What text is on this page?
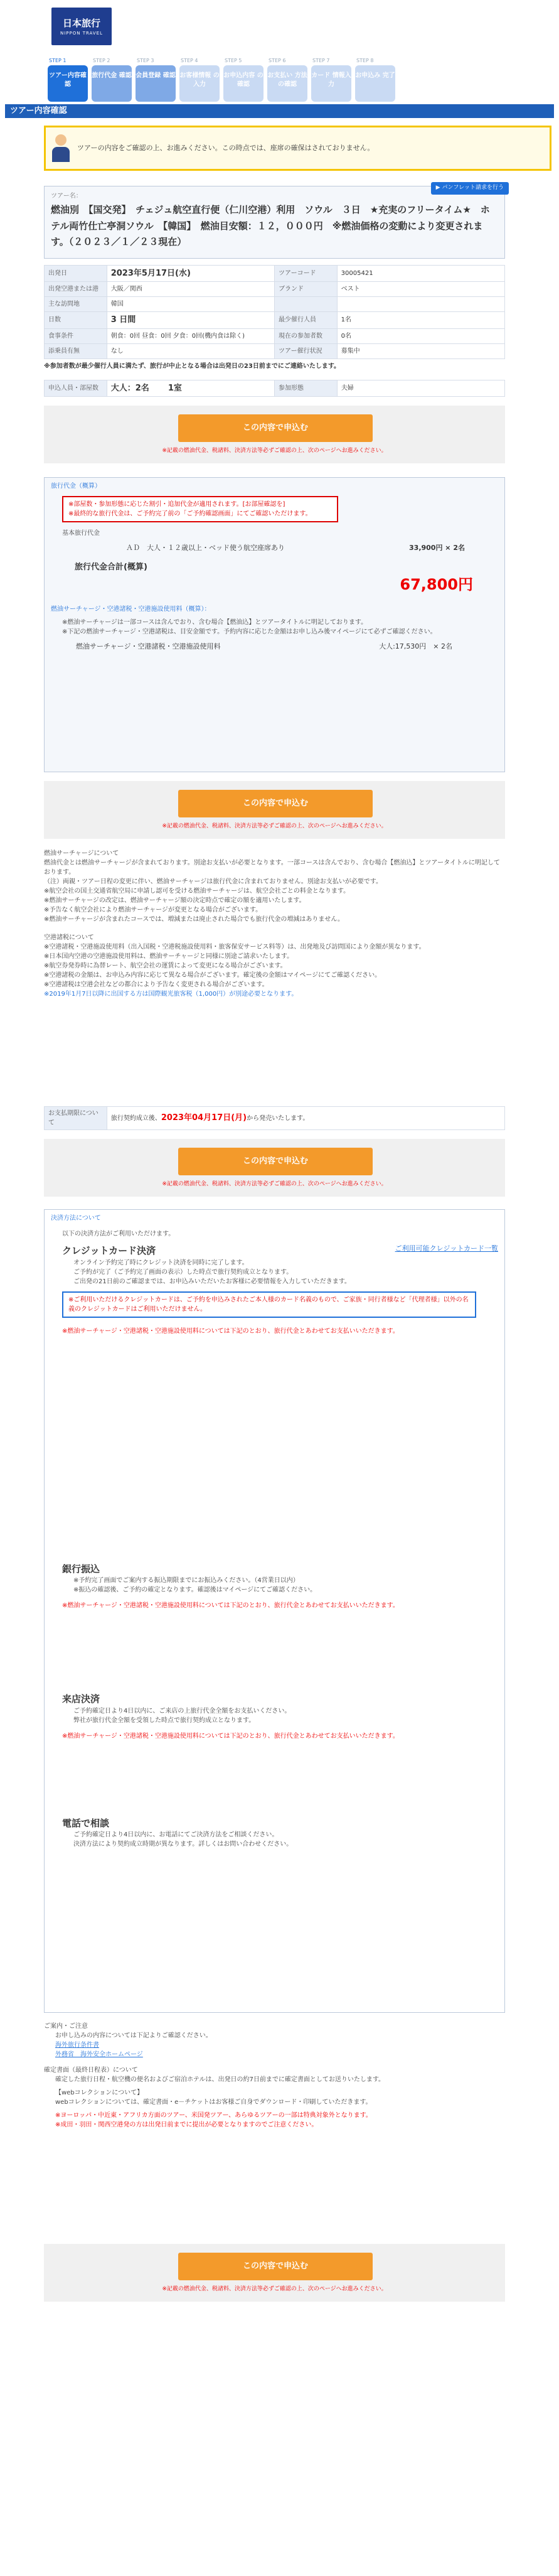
日本旅行
NIPPON TRAVEL
STEP 1
ツアー内容確認
STEP 2
旅行代金 確認
STEP 3
会員登録 確認
STEP 4
お客様情報 の入力
STEP 5
お申込内容 の確認
STEP 6
お支払い 方法の確認
STEP 7
カード 情報入力
STEP 8
お申込み 完了
ツアー内容確認
ツアーの内容をご確認の上、お進みください。この時点では、座席の確保はされておりません。
▶ パンフレット請求を行う
ツアー名：
燃油別　【国交発】　チェジュ航空直行便（仁川空港）利用　ソウル　３日　★充実のフリータイム★　ホテル両竹仕亡亭洞ソウル　【韓国】　燃油目安額：１２，０００円　※燃油価格の変動により変更されます。（２０２３／１／２３現在）
出発日	2023年5月17日(水)	ツアーコード	30005421
出発空港または港	大阪／関西	ブランド	ベスト
主な訪問地	韓国		
日数	3 日間	最少催行人員	1名
食事条件	朝食：0回 昼食：0回 夕食：0回(機内食は除く)	現在の参加者数	0名
添乗員有無	なし	ツアー催行状況	募集中
※参加者数が最少催行人員に満たず、旅行が中止となる場合は出発日の23日前までにご連絡いたします。
申込人員・部屋数	大人：2名　　　 1室	参加形態	夫婦
この内容で申込む
※記載の燃油代金、税諸料、決済方法等必ずご確認の上、次のページへお進みください。
旅行代金（概算）
※部屋数・参加形態に応じた割引・追加代金が適用されます。[お部屋確認を]
※最終的な旅行代金は、ご予約完了前の「ご予約確認画面」にてご確認いただけます。
基本旅行代金
ＡＤ　大人・１２歳以上・ベッド使う航空座席あり	33,900円 × 2名
旅行代金合計(概算)
67,800円
燃油サーチャージ・空港諸税・空港施設使用料（概算）：
※燃油サーチャージは一部コースは含んでおり、含む場合【燃油込】とツアータイトルに明記しております。
※下記の燃油サーチャージ・空港諸税は、目安金額です。予約内容に応じた金額はお申し込み後マイページにて必ずご確認ください。
燃油サーチャージ・空港諸税・空港施設使用料	大人:17,530円　× 2名
この内容で申込む
※記載の燃油代金、税諸料、決済方法等必ずご確認の上、次のページへお進みください。
燃油サーチャージについて
燃油代金とは燃油サーチャージが含まれております。別途お支払いが必要となります。一部コースは含んでおり、含む場合【燃油込】とツアータイトルに明記しております。
（注）両親・ツアー日程の変更に伴い、燃油サーチャージは旅行代金に含まれておりません。別途お支払いが必要です。
※航空会社の国土交通省航空局に申請し認可を受ける燃油サーチャージは、航空会社ごとの料金となります。
※燃油サーチャージの改定は、燃油サーチャージ額の決定時点で確定の額を適用いたします。
※予告なく航空会社により燃油サーチャージが変更となる場合がございます。
※燃油サーチャージが含まれたコースでは、増減または廃止された場合でも旅行代金の増減はありません。
空港諸税について
※空港諸税・空港施設使用料（出入国税・空港税施設使用料・旅客保安サービス料等）は、出発地及び訪問国により金額が異なります。
※日本国内空港の空港施設使用料は、燃油サーチャージと同様に別途ご請求いたします。
※航空券発券時に為替レート、航空会社の運賃によって変更になる場合がございます。
※空港諸税の金額は、お申込み内容に応じて異なる場合がございます。確定後の金額はマイページにてご確認ください。
※空港諸税は空港会社などの都合により予告なく変更される場合がございます。
※2019年1月7日以降に出国する方は国際観光旅客税（1,000円）が別途必要となります。
お支払期限について	旅行契約成立後、2023年04月17日(月)から発売いたします。
この内容で申込む
※記載の燃油代金、税諸料、決済方法等必ずご確認の上、次のページへお進みください。
決済方法について
以下の決済方法がご利用いただけます。
クレジットカード決済	ご利用可能クレジットカード一覧
オンライン予約完了時にクレジット決済を同時に完了します。
ご予約が完了（ご予約完了画面の表示）した時点で旅行契約成立となります。
ご出発の21日前のご確認までは、お申込みいただいたお客様に必要情報を入力していただきます。
※ご利用いただけるクレジットカードは、ご予約を申込みされたご本人様のカード名義のもので、ご家族・同行者様など「代理者様」以外の名義のクレジットカードはご利用いただけません。
※燃油サーチャージ・空港諸税・空港施設使用料については下記のとおり、旅行代金とあわせてお支払いいただきます。
銀行振込
※予約完了画面でご案内する振込期限までにお振込みください。（4営業日以内）
※振込の確認後、ご予約の確定となります。確認後はマイページにてご確認ください。
※燃油サーチャージ・空港諸税・空港施設使用料については下記のとおり、旅行代金とあわせてお支払いいただきます。
来店決済
ご予約確定日より4日以内に、ご来店の上旅行代金全額をお支払いください。
弊社が旅行代金全額を受領した時点で旅行契約成立となります。
※燃油サーチャージ・空港諸税・空港施設使用料については下記のとおり、旅行代金とあわせてお支払いいただきます。
電話で相談
ご予約確定日より4日以内に、お電話にてご決済方法をご相談ください。
決済方法により契約成立時期が異なります。詳しくはお問い合わせください。
ご案内・ご注意
お申し込みの内容については下記よりご確認ください。
海外旅行条件書
外務省　海外安全ホームページ
確定書面（最終日程表）について
確定した旅行日程・航空機の便名およびご宿泊ホテルは、出発日の約7日前までに確定書面としてお送りいたします。
【webコレクションについて】
webコレクションについては、確定書面・e－チケットはお客様ご自身でダウンロード・印刷していただきます。
※ヨーロッパ・中近東・アフリカ方面のツアー、米国発ツアー、あらゆるツアーの一部は特典対象外となります。
※成田・羽田・関西空港発の方は出発日前までに提出が必要となりますのでご注意ください。
この内容で申込む
※記載の燃油代金、税諸料、決済方法等必ずご確認の上、次のページへお進みください。
